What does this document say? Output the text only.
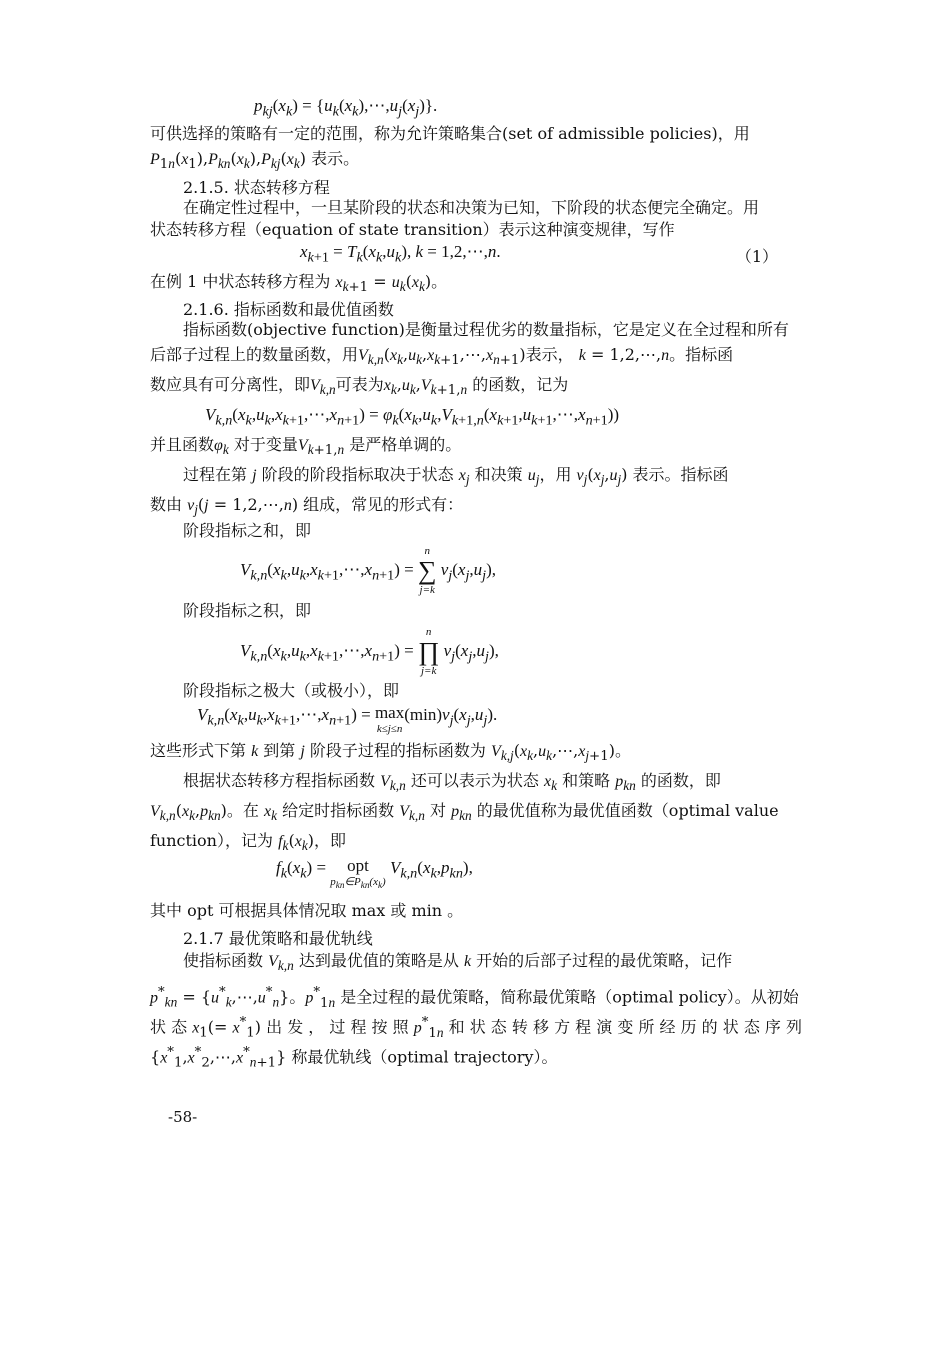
$p_{kj}(x_k)$ = $\{u_k(x_k),\cdots,u_j(x_j)\}$.
可供选择的策略有一定的范围，称为允许策略集合(set of admissible policies)，用
$P_{1n}(x_1),P_{kn}(x_k),P_{kj}(x_k)$ 表示。
2.1.5. 状态转移方程
在确定性过程中，一旦某阶段的状态和决策为已知，下阶段的状态便完全确定。用
状态转移方程（equation of state transition）表示这种演变规律，写作
$x_{k+1} = T_k(x_k,u_k)$, k = 1,2,⋯,n.	（1）
在例 1 中状态转移方程为 $x_{k+1} = u_k(x_k)$。
2.1.6. 指标函数和最优值函数
指标函数(objective function)是衡量过程优劣的数量指标，它是定义在全过程和所有
后部子过程上的数量函数，用$V_{k,n}(x_k,u_k,x_{k+1},\cdots,x_{n+1})$表示， k = 1,2,⋯,n。指标函
数应具有可分离性，即$V_{k,n}$可表为$x_k,u_k,V_{k+1,n}$ 的函数，记为
$V_{k,n}(x_k,u_k,x_{k+1},\cdots,x_{n+1})$ = $\varphi_k(x_k,u_k,V_{k+1,n}(x_{k+1},u_{k+1},\cdots,x_{n+1}))$
并且函数$\varphi_k$ 对于变量$V_{k+1,n}$ 是严格单调的。
过程在第 j 阶段的阶段指标取决于状态 $x_j$ 和决策 $u_j$，用 $v_j(x_j,u_j)$ 表示。指标函
数由 $v_j(j$ = 1,2,⋯,n) 组成，常见的形式有：
阶段指标之和，即
$V_{k,n}(x_k,u_k,x_{k+1},\cdots,x_{n+1})$ =
n
∑
j=k
$v_j(x_j,u_j)$,
阶段指标之积，即
$V_{k,n}(x_k,u_k,x_{k+1},\cdots,x_{n+1})$ =
n
∏
j=k
$v_j(x_j,u_j)$,
阶段指标之极大（或极小），即
$V_{k,n}(x_k,u_k,x_{k+1},\cdots,x_{n+1}) = \max$
k≤j≤n
$(\min)v_j(x_j,u_j)$.
这些形式下第 k 到第 j 阶段子过程的指标函数为 $V_{k,j}(x_k,u_k,\cdots,x_{j+1})$。
根据状态转移方程指标函数 $V_{k,n}$ 还可以表示为状态 $x_k$ 和策略 $p_{kn}$ 的函数，即
$V_{k,n}(x_k,p_{kn})$。在 $x_k$ 给定时指标函数 $V_{k,n}$ 对 $p_{kn}$ 的最优值称为最优值函数（optimal value
function），记为 $f_k(x_k)$，即
$f_k(x_k)$ = opt
$p_{kn}\in P_{kn}(x_k)$
$V_{k,n}(x_k,p_{kn})$,
其中 opt 可根据具体情况取 max 或 min 。
2.1.7 最优策略和最优轨线
使指标函数 $V_{k,n}$ 达到最优值的策略是从 k 开始的后部子过程的最优策略，记作
$p^*_{kn}$ = $\{u^*_k,\cdots,u^*_n\}$。$p^*_{1n}$ 是全过程的最优策略，简称最优策略（optimal policy）。从初始
状 态 $x_1(= x^*_1)$ 出 发 ， 过 程 按 照 $p^*_{1n}$ 和 状 态 转 移 方 程 演 变 所 经 历 的 状 态 序 列
$\{x^*_1,x^*_2,\cdots,x^*_{n+1}\}$ 称最优轨线（optimal trajectory）。
-58-
